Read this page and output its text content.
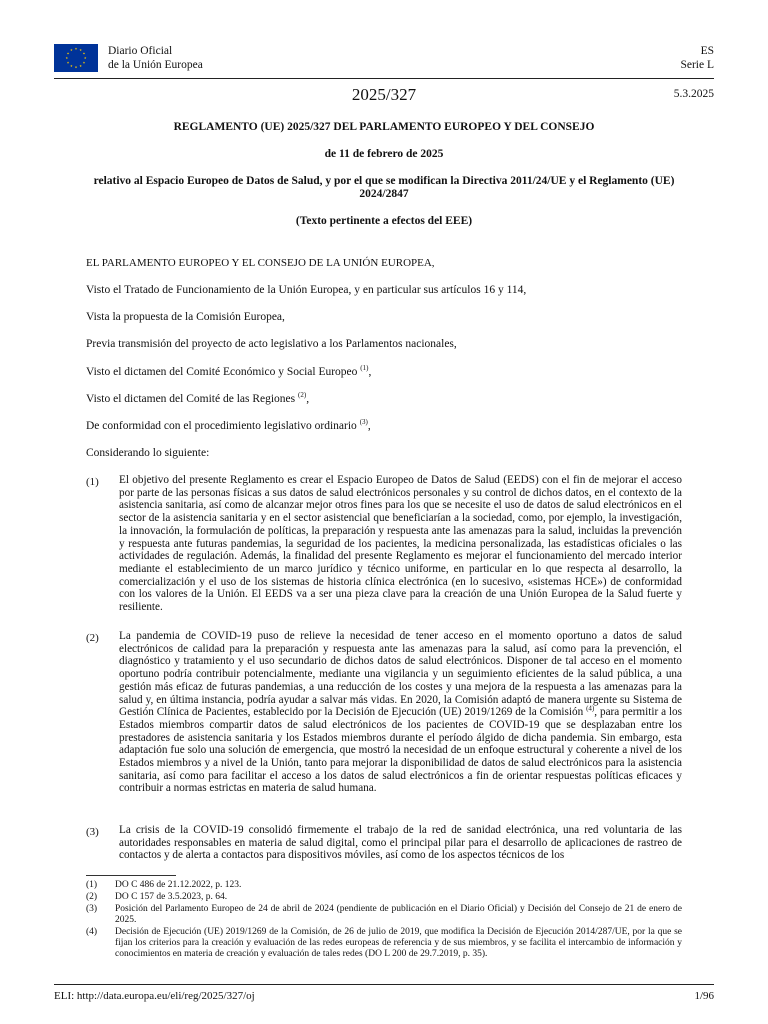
Diario Oficial
de la Unión Europea
ES
Serie L
2025/327	5.3.2025
REGLAMENTO (UE) 2025/327 DEL PARLAMENTO EUROPEO Y DEL CONSEJO
de 11 de febrero de 2025
relativo al Espacio Europeo de Datos de Salud, y por el que se modifican la Directiva 2011/24/UE y el Reglamento (UE) 2024/2847
(Texto pertinente a efectos del EEE)
EL PARLAMENTO EUROPEO Y EL CONSEJO DE LA UNIÓN EUROPEA,
Visto el Tratado de Funcionamiento de la Unión Europea, y en particular sus artículos 16 y 114,
Vista la propuesta de la Comisión Europea,
Previa transmisión del proyecto de acto legislativo a los Parlamentos nacionales,
Visto el dictamen del Comité Económico y Social Europeo $^{(1)}$,
Visto el dictamen del Comité de las Regiones $^{(2)}$,
De conformidad con el procedimiento legislativo ordinario $^{(3)}$,
Considerando lo siguiente:
(1) El objetivo del presente Reglamento es crear el Espacio Europeo de Datos de Salud (EEDS) con el fin de mejorar el acceso por parte de las personas físicas a sus datos de salud electrónicos personales y su control de dichos datos, en el contexto de la asistencia sanitaria, así como de alcanzar mejor otros fines para los que se necesite el uso de datos de salud electrónicos en el sector de la asistencia sanitaria y en el sector asistencial que beneficiarían a la sociedad, como, por ejemplo, la investigación, la innovación, la formulación de políticas, la preparación y respuesta ante las amenazas para la salud, incluidas la prevención y respuesta ante futuras pandemias, la seguridad de los pacientes, la medicina personalizada, las estadísticas oficiales o las actividades de regulación. Además, la finalidad del presente Reglamento es mejorar el funcionamiento del mercado interior mediante el establecimiento de un marco jurídico y técnico uniforme, en particular en lo que respecta al desarrollo, la comercialización y el uso de los sistemas de historia clínica electrónica (en lo sucesivo, «sistemas HCE») de conformidad con los valores de la Unión. El EEDS va a ser una pieza clave para la creación de una Unión Europea de la Salud fuerte y resiliente.
(2) La pandemia de COVID-19 puso de relieve la necesidad de tener acceso en el momento oportuno a datos de salud electrónicos de calidad para la preparación y respuesta ante las amenazas para la salud, así como para la prevención, el diagnóstico y tratamiento y el uso secundario de dichos datos de salud electrónicos. Disponer de tal acceso en el momento oportuno podría contribuir potencialmente, mediante una vigilancia y un seguimiento eficientes de la salud pública, a una gestión más eficaz de futuras pandemias, a una reducción de los costes y una mejora de la respuesta a las amenazas para la salud y, en última instancia, podría ayudar a salvar más vidas. En 2020, la Comisión adaptó de manera urgente su Sistema de Gestión Clínica de Pacientes, establecido por la Decisión de Ejecución (UE) 2019/1269 de la Comisión $^{(4)}$, para permitir a los Estados miembros compartir datos de salud electrónicos de los pacientes de COVID-19 que se desplazaban entre los prestadores de asistencia sanitaria y los Estados miembros durante el período álgido de dicha pandemia. Sin embargo, esta adaptación fue solo una solución de emergencia, que mostró la necesidad de un enfoque estructural y coherente a nivel de los Estados miembros y a nivel de la Unión, tanto para mejorar la disponibilidad de datos de salud electrónicos para la asistencia sanitaria, así como para facilitar el acceso a los datos de salud electrónicos a fin de orientar respuestas políticas eficaces y contribuir a normas estrictas en materia de salud humana.
(3) La crisis de la COVID-19 consolidó firmemente el trabajo de la red de sanidad electrónica, una red voluntaria de las autoridades responsables en materia de salud digital, como el principal pilar para el desarrollo de aplicaciones de rastreo de contactos y de alerta a contactos para dispositivos móviles, así como de los aspectos técnicos de los
(1) DO C 486 de 21.12.2022, p. 123.
(2) DO C 157 de 3.5.2023, p. 64.
(3) Posición del Parlamento Europeo de 24 de abril de 2024 (pendiente de publicación en el Diario Oficial) y Decisión del Consejo de 21 de enero de 2025.
(4) Decisión de Ejecución (UE) 2019/1269 de la Comisión, de 26 de julio de 2019, que modifica la Decisión de Ejecución 2014/287/UE, por la que se fijan los criterios para la creación y evaluación de las redes europeas de referencia y de sus miembros, y se facilita el intercambio de información y conocimientos en materia de creación y evaluación de tales redes (DO L 200 de 29.7.2019, p. 35).
ELI: http://data.europa.eu/eli/reg/2025/327/oj	1/96
